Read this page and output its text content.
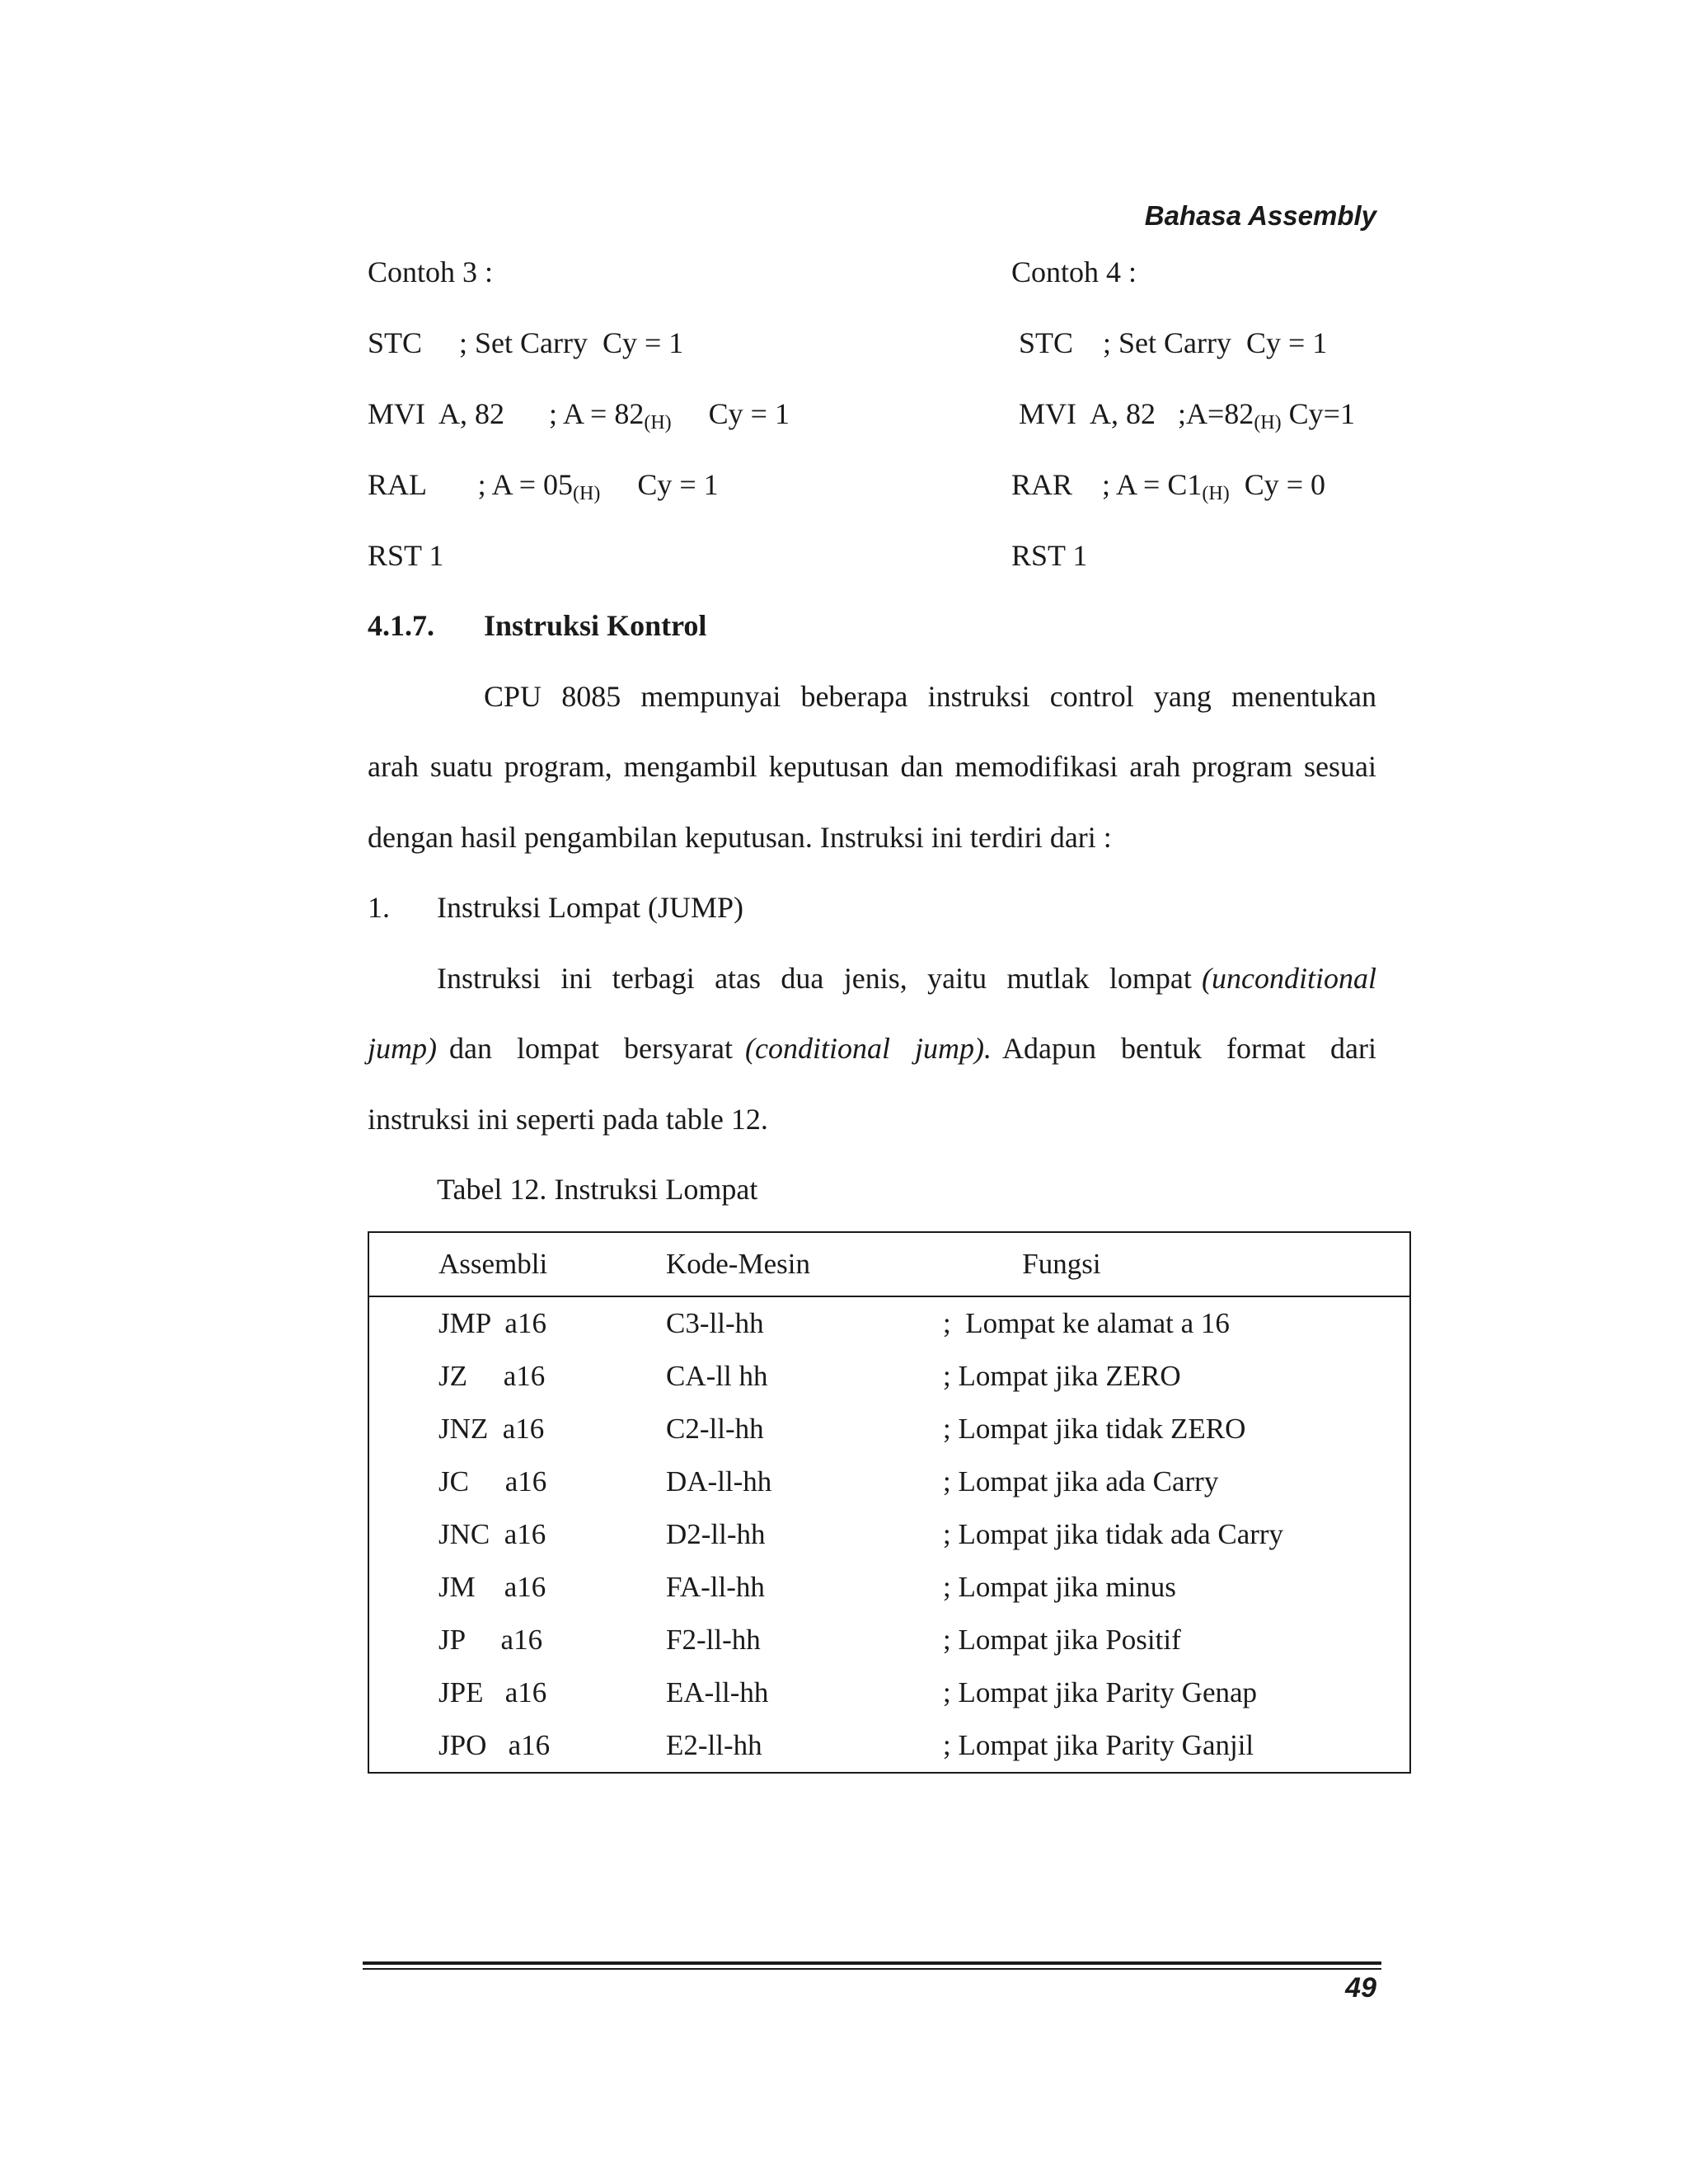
Bahasa Assembly
Contoh 3 :
STC     ; Set Carry  Cy = 1
MVI  A, 82      ; $A = 82_{(H)}$     Cy = 1
RAL       ; $A = 05_{(H)}$     Cy = 1
RST 1
Contoh 4 :
STC    ; Set Carry  Cy = 1
MVI  A, 82   $;A=82_{(H)}$ Cy=1
RAR    ; $A = C1_{(H)}$  Cy = 0
RST 1
4.1.7. Instruksi Kontrol
CPU 8085 mempunyai beberapa instruksi control yang menentukan
arah suatu program, mengambil keputusan dan memodifikasi arah program sesuai
dengan hasil pengambilan keputusan. Instruksi ini terdiri dari :
1. Instruksi Lompat (JUMP)
Instruksi  ini  terbagi  atas  dua  jenis,  yaitu  mutlak  lompat (unconditional
jump) dan  lompat  bersyarat (conditional  jump). Adapun  bentuk  format  dari
instruksi ini seperti pada table 12.
Tabel 12. Instruksi Lompat
Assembli	Kode-Mesin	Fungsi
JMP  a16	C3-ll-hh	;  Lompat ke alamat a 16
JZ     a16	CA-ll hh	; Lompat jika ZERO
JNZ  a16	C2-ll-hh	; Lompat jika tidak ZERO
JC     a16	DA-ll-hh	; Lompat jika ada Carry
JNC  a16	D2-ll-hh	; Lompat jika tidak ada Carry
JM    a16	FA-ll-hh	; Lompat jika minus
JP     a16	F2-ll-hh	; Lompat jika Positif
JPE   a16	EA-ll-hh	; Lompat jika Parity Genap
JPO   a16	E2-ll-hh	; Lompat jika Parity Ganjil
49
